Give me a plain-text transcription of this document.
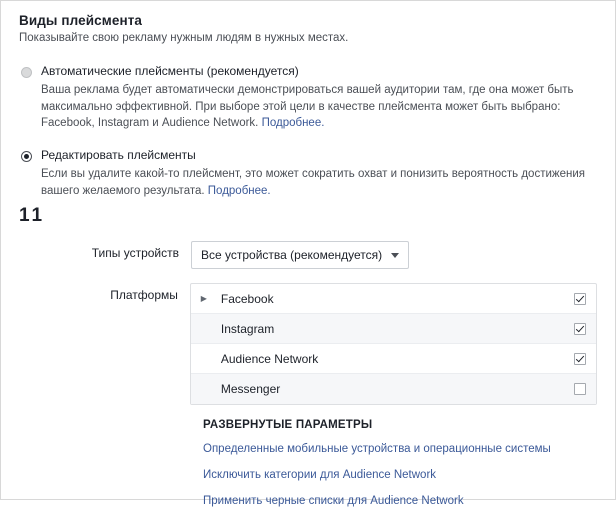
Виды плейсмента
Показывайте свою рекламу нужным людям в нужных местах.
Автоматические плейсменты (рекомендуется)
Ваша реклама будет автоматически демонстрироваться вашей аудитории там, где она может быть максимально эффективной. При выборе этой цели в качестве плейсмента может быть выбрано: Facebook, Instagram и Audience Network. Подробнее.
Редактировать плейсменты
Если вы удалите какой-то плейсмент, это может сократить охват и понизить вероятность достижения вашего желаемого результата. Подробнее.
11
Типы устройств	Все устройства (рекомендуется)
Платформы	▶	Facebook
Instagram
Audience Network
Messenger
РАЗВЕРНУТЫЕ ПАРАМЕТРЫ
Определенные мобильные устройства и операционные системы
Исключить категории для Audience Network
Применить черные списки для Audience Network
